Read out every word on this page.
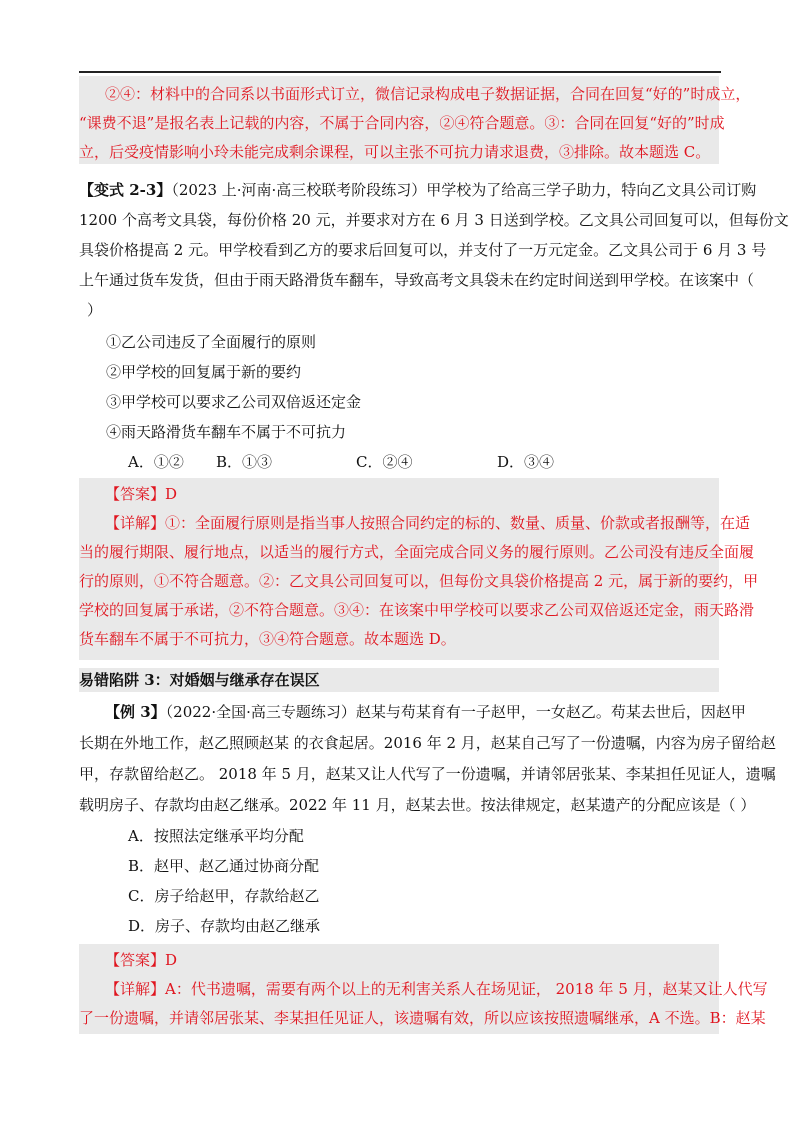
②④：材料中的合同系以书面形式订立，微信记录构成电子数据证据，合同在回复“好的”时成立，
“课费不退”是报名表上记载的内容，不属于合同内容，②④符合题意。③：合同在回复“好的”时成
立，后受疫情影响小玲未能完成剩余课程，可以主张不可抗力请求退费，③排除。故本题选 C。
【变式 2-3】（2023 上·河南·高三校联考阶段练习）甲学校为了给高三学子助力，特向乙文具公司订购
1200 个高考文具袋，每份价格 20 元，并要求对方在 6 月 3 日送到学校。乙文具公司回复可以，但每份文
具袋价格提高 2 元。甲学校看到乙方的要求后回复可以，并支付了一万元定金。乙文具公司于 6 月 3 号
上午通过货车发货，但由于雨天路滑货车翻车，导致高考文具袋未在约定时间送到甲学校。在该案中（
）
①乙公司违反了全面履行的原则
②甲学校的回复属于新的要约
③甲学校可以要求乙公司双倍返还定金
④雨天路滑货车翻车不属于不可抗力
A．①② B．①③	C．②④	D．③④
【答案】D
【详解】①：全面履行原则是指当事人按照合同约定的标的、数量、质量、价款或者报酬等，在适
当的履行期限、履行地点，以适当的履行方式，全面完成合同义务的履行原则。乙公司没有违反全面履
行的原则，①不符合题意。②：乙文具公司回复可以，但每份文具袋价格提高 2 元，属于新的要约，甲
学校的回复属于承诺，②不符合题意。③④：在该案中甲学校可以要求乙公司双倍返还定金，雨天路滑
货车翻车不属于不可抗力，③④符合题意。故本题选 D。
易错陷阱 3：对婚姻与继承存在误区
【例 3】（2022·全国·高三专题练习）赵某与苟某育有一子赵甲，一女赵乙。苟某去世后，因赵甲
长期在外地工作，赵乙照顾赵某 的衣食起居。2016 年 2 月，赵某自己写了一份遗嘱，内容为房子留给赵
甲，存款留给赵乙。 2018 年 5 月，赵某又让人代写了一份遗嘱，并请邻居张某、李某担任见证人，遗嘱
载明房子、存款均由赵乙继承。2022 年 11 月，赵某去世。按法律规定，赵某遗产的分配应该是（ ）
A．按照法定继承平均分配
B．赵甲、赵乙通过协商分配
C．房子给赵甲，存款给赵乙
D．房子、存款均由赵乙继承
【答案】D
【详解】A：代书遗嘱，需要有两个以上的无利害关系人在场见证， 2018 年 5 月，赵某又让人代写
了一份遗嘱，并请邻居张某、李某担任见证人，该遗嘱有效，所以应该按照遗嘱继承，A 不选。B：赵某
